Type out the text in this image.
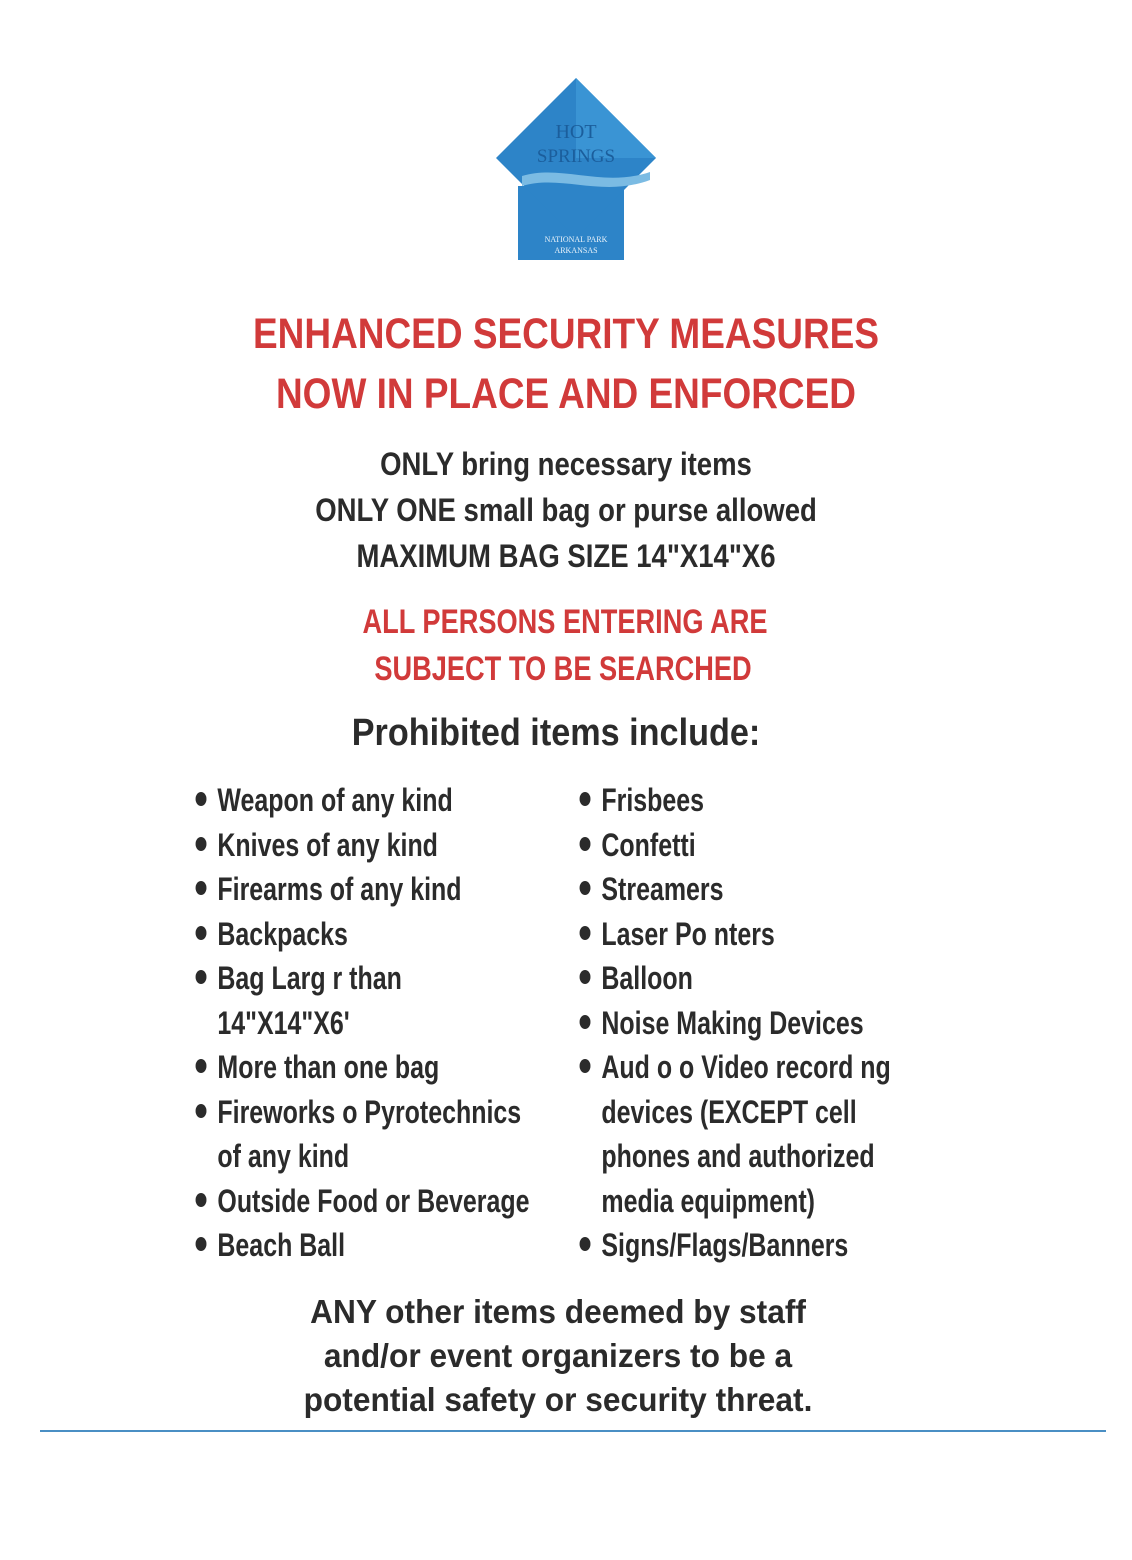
HOT
SPRINGS
NATIONAL PARK
ARKANSAS
ENHANCED SECURITY MEASURES
NOW IN PLACE AND ENFORCED
ONLY bring necessary items
ONLY ONE small bag or purse allowed
MAXIMUM BAG SIZE 14"X14"X6
ALL PERSONS ENTERING ARE
SUBJECT TO BE SEARCHED
Prohibited items include:
Weapon of any kind
Knives of any kind
Firearms of any kind
Backpacks
Bag Larg r than
14"X14"X6'
More than one bag
Fireworks o Pyrotechnics
of any kind
Outside Food or Beverage
Beach Ball
Frisbees
Confetti
Streamers
Laser Po nters
Balloon
Noise Making Devices
Aud o o Video record ng
devices (EXCEPT cell
phones and authorized
media equipment)
Signs/Flags/Banners
ANY other items deemed by staff
and/or event organizers to be a
potential safety or security threat.
